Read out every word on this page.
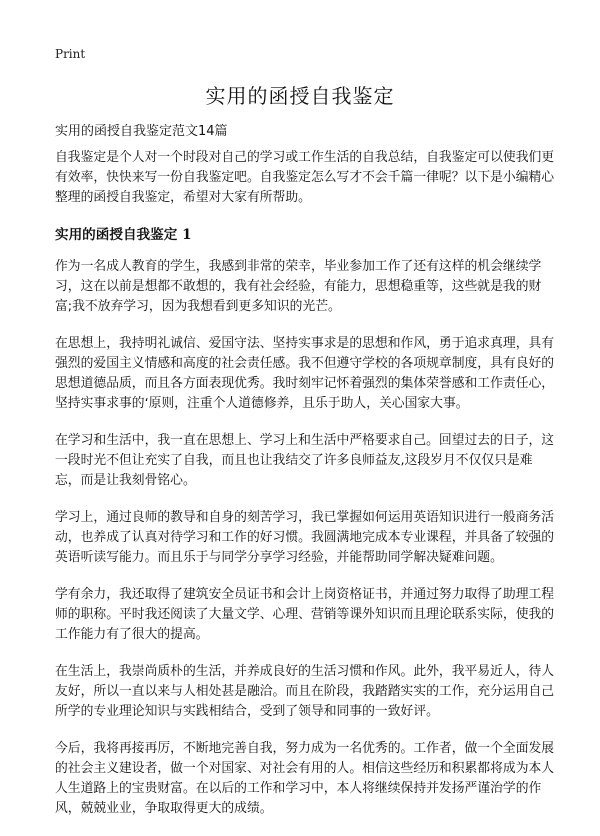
Print
实用的函授自我鉴定
实用的函授自我鉴定范文14篇

自我鉴定是个人对一个时段对自己的学习或工作生活的自我总结，自我鉴定可以使我们更有效率，快快来写一份自我鉴定吧。自我鉴定怎么写才不会千篇一律呢？以下是小编精心整理的函授自我鉴定，希望对大家有所帮助。

实用的函授自我鉴定 1

作为一名成人教育的学生，我感到非常的荣幸，毕业参加工作了还有这样的机会继续学习，这在以前是想都不敢想的，我有社会经验，有能力，思想稳重等，这些就是我的财富;我不放弃学习，因为我想看到更多知识的光芒。

在思想上，我持明礼诚信、爱国守法、坚持实事求是的思想和作风，勇于追求真理，具有强烈的爱国主义情感和高度的社会责任感。我不但遵守学校的各项规章制度，具有良好的思想道德品质，而且各方面表现优秀。我时刻牢记怀着强烈的集体荣誉感和工作责任心，坚持实事求事的‘原则，注重个人道德修养，且乐于助人，关心国家大事。

在学习和生活中，我一直在思想上、学习上和生活中严格要求自己。回望过去的日子，这一段时光不但让充实了自我，而且也让我结交了许多良师益友,这段岁月不仅仅只是难忘，而是让我刻骨铭心。

学习上，通过良师的教导和自身的刻苦学习，我已掌握如何运用英语知识进行一般商务活动，也养成了认真对待学习和工作的好习惯。我圆满地完成本专业课程，并具备了较强的英语听读写能力。而且乐于与同学分享学习经验，并能帮助同学解决疑难问题。

学有余力，我还取得了建筑安全员证书和会计上岗资格证书，并通过努力取得了助理工程师的职称。平时我还阅读了大量文学、心理、营销等课外知识而且理论联系实际，使我的工作能力有了很大的提高。

在生活上，我崇尚质朴的生活，并养成良好的生活习惯和作风。此外，我平易近人，待人友好，所以一直以来与人相处甚是融洽。而且在阶段，我踏踏实实的工作，充分运用自己所学的专业理论知识与实践相结合，受到了领导和同事的一致好评。

今后，我将再接再厉，不断地完善自我，努力成为一名优秀的。工作者，做一个全面发展的社会主义建设者，做一个对国家、对社会有用的人。相信这些经历和积累都将成为本人人生道路上的宝贵财富。在以后的工作和学习中，本人将继续保持并发扬严谨治学的作风，兢兢业业，争取取得更大的成绩。
